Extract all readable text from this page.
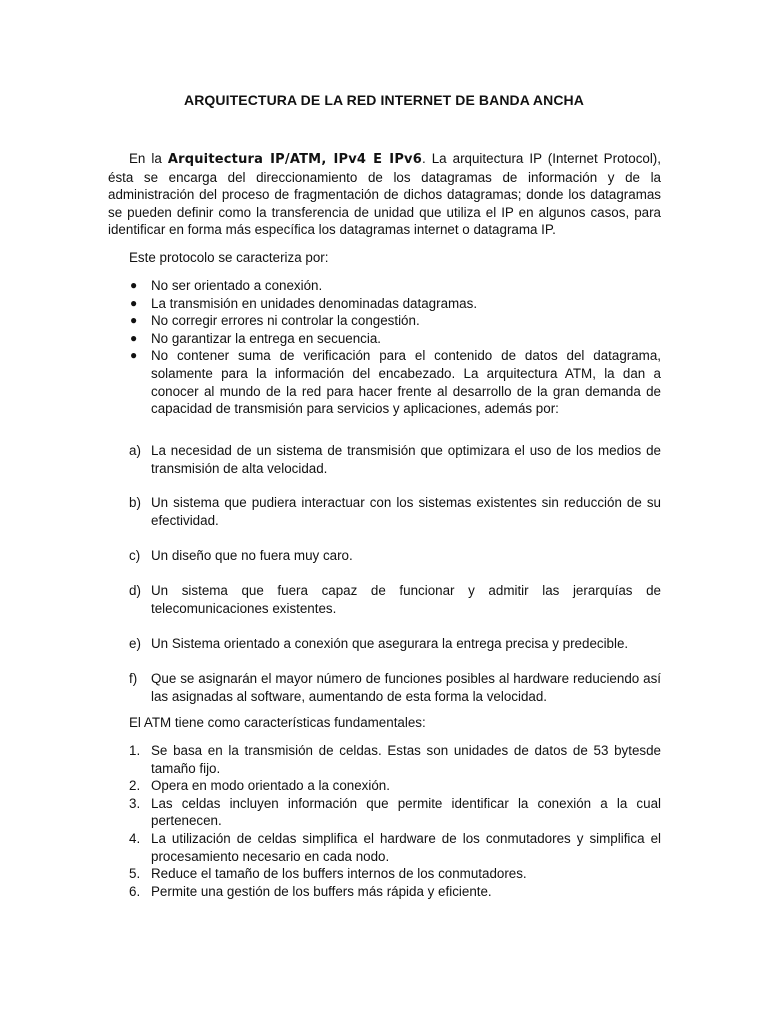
ARQUITECTURA DE LA RED INTERNET DE BANDA ANCHA
En la Arquitectura IP/ATM, IPv4 E IPv6. La arquitectura IP (Internet Protocol), ésta se encarga del direccionamiento de los datagramas de información y de la administración del proceso de fragmentación de dichos datagramas; donde los datagramas se pueden definir como la transferencia de unidad que utiliza el IP en algunos casos, para identificar en forma más específica los datagramas internet o datagrama IP.
Este protocolo se caracteriza por:
● No ser orientado a conexión.
● La transmisión en unidades denominadas datagramas.
● No corregir errores ni controlar la congestión.
● No garantizar la entrega en secuencia.
● No contener suma de verificación para el contenido de datos del datagrama, solamente para la información del encabezado. La arquitectura ATM, la dan a conocer al mundo de la red para hacer frente al desarrollo de la gran demanda de capacidad de transmisión para servicios y aplicaciones, además por:
a) La necesidad de un sistema de transmisión que optimizara el uso de los medios de transmisión de alta velocidad.
b) Un sistema que pudiera interactuar con los sistemas existentes sin reducción de su efectividad.
c) Un diseño que no fuera muy caro.
d) Un sistema que fuera capaz de funcionar y admitir las jerarquías de telecomunicaciones existentes.
e) Un Sistema orientado a conexión que asegurara la entrega precisa y predecible.
f) Que se asignarán el mayor número de funciones posibles al hardware reduciendo así las asignadas al software, aumentando de esta forma la velocidad.
El ATM tiene como características fundamentales:
1. Se basa en la transmisión de celdas. Estas son unidades de datos de 53 bytesde tamaño fijo.
2. Opera en modo orientado a la conexión.
3. Las celdas incluyen información que permite identificar la conexión a la cual pertenecen.
4. La utilización de celdas simplifica el hardware de los conmutadores y simplifica el procesamiento necesario en cada nodo.
5. Reduce el tamaño de los buffers internos de los conmutadores.
6. Permite una gestión de los buffers más rápida y eficiente.
